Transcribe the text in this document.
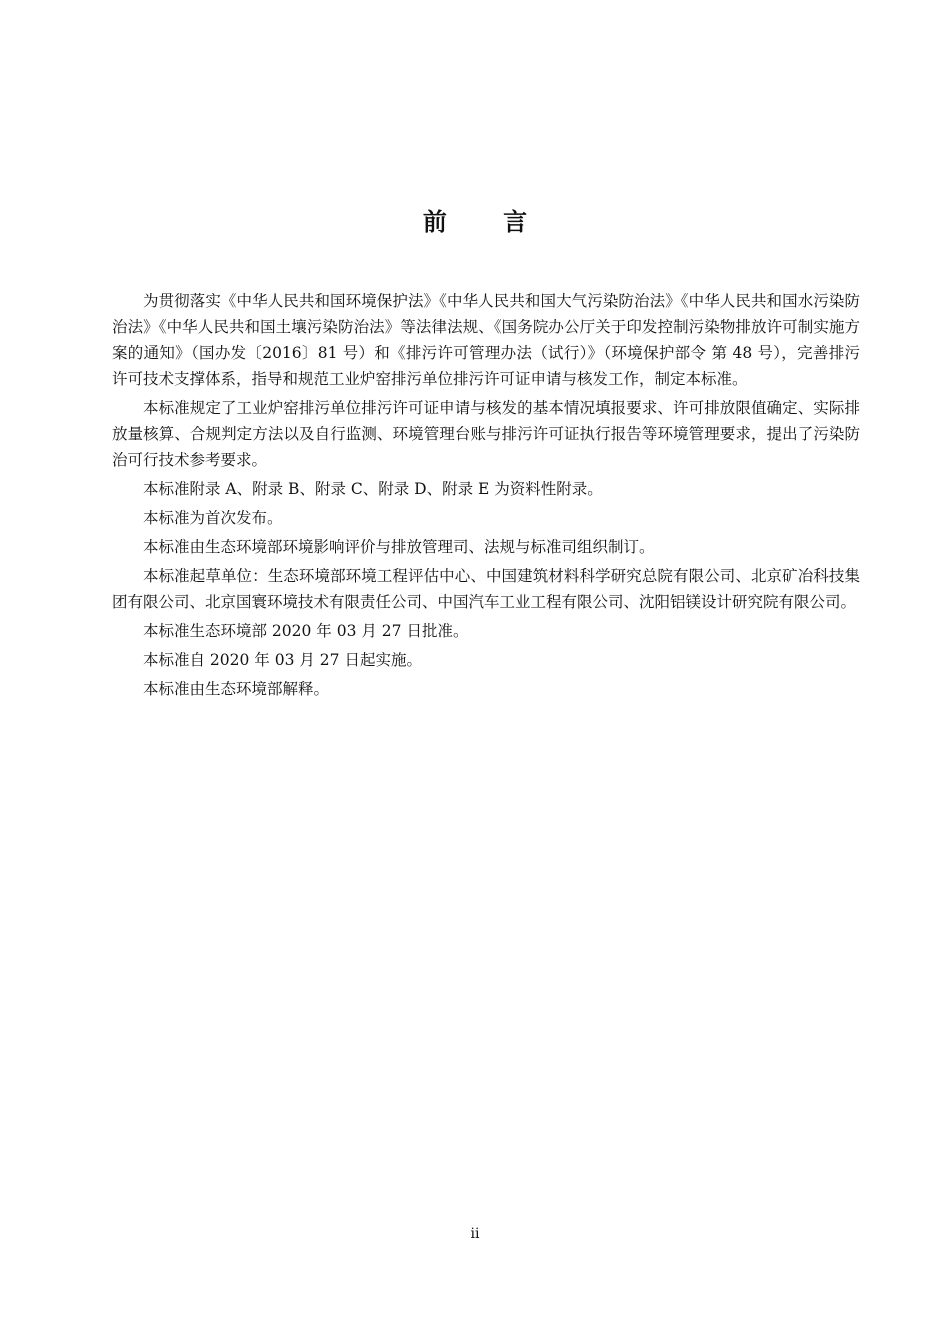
前 言

为贯彻落实《中华人民共和国环境保护法》《中华人民共和国大气污染防治法》《中华人民共和国水污染防治法》《中华人民共和国土壤污染防治法》等法律法规、《国务院办公厅关于印发控制污染物排放许可制实施方案的通知》（国办发〔2016〕81 号）和《排污许可管理办法（试行）》（环境保护部令 第 48 号），完善排污许可技术支撑体系，指导和规范工业炉窑排污单位排污许可证申请与核发工作，制定本标准。

本标准规定了工业炉窑排污单位排污许可证申请与核发的基本情况填报要求、许可排放限值确定、实际排放量核算、合规判定方法以及自行监测、环境管理台账与排污许可证执行报告等环境管理要求，提出了污染防治可行技术参考要求。

本标准附录 A、附录 B、附录 C、附录 D、附录 E 为资料性附录。

本标准为首次发布。

本标准由生态环境部环境影响评价与排放管理司、法规与标准司组织制订。

本标准起草单位：生态环境部环境工程评估中心、中国建筑材料科学研究总院有限公司、北京矿冶科技集团有限公司、北京国寰环境技术有限责任公司、中国汽车工业工程有限公司、沈阳铝镁设计研究院有限公司。

本标准生态环境部 2020 年 03 月 27 日批准。

本标准自 2020 年 03 月 27 日起实施。

本标准由生态环境部解释。

ii
